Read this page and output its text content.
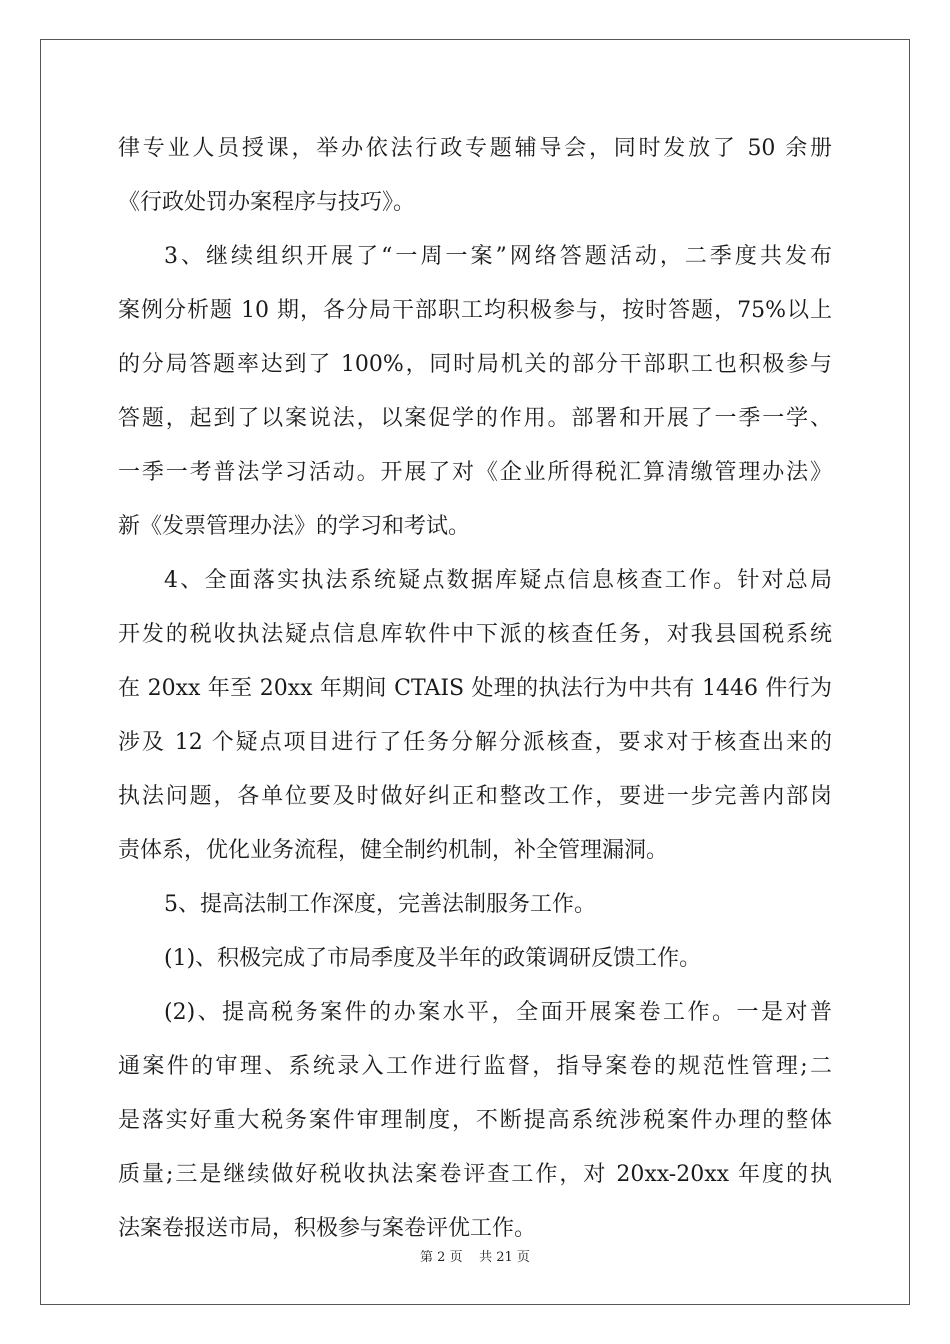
律专业人员授课，举办依法行政专题辅导会，同时发放了 50 余册
《行政处罚办案程序与技巧》。
3、继续组织开展了“一周一案”网络答题活动，二季度共发布
案例分析题 10 期，各分局干部职工均积极参与，按时答题，75%以上
的分局答题率达到了 100%，同时局机关的部分干部职工也积极参与
答题，起到了以案说法，以案促学的作用。部署和开展了一季一学、
一季一考普法学习活动。开展了对《企业所得税汇算清缴管理办法》
新《发票管理办法》的学习和考试。
4、全面落实执法系统疑点数据库疑点信息核查工作。针对总局
开发的税收执法疑点信息库软件中下派的核查任务，对我县国税系统
在 20xx 年至 20xx 年期间 CTAIS 处理的执法行为中共有 1446 件行为
涉及 12 个疑点项目进行了任务分解分派核查，要求对于核查出来的
执法问题，各单位要及时做好纠正和整改工作，要进一步完善内部岗
责体系，优化业务流程，健全制约机制，补全管理漏洞。
5、提高法制工作深度，完善法制服务工作。
(1)、积极完成了市局季度及半年的政策调研反馈工作。
(2)、提高税务案件的办案水平，全面开展案卷工作。一是对普
通案件的审理、系统录入工作进行监督，指导案卷的规范性管理;二
是落实好重大税务案件审理制度，不断提高系统涉税案件办理的整体
质量;三是继续做好税收执法案卷评查工作，对 20xx-20xx 年度的执
法案卷报送市局，积极参与案卷评优工作。
第 2 页 共 21 页
